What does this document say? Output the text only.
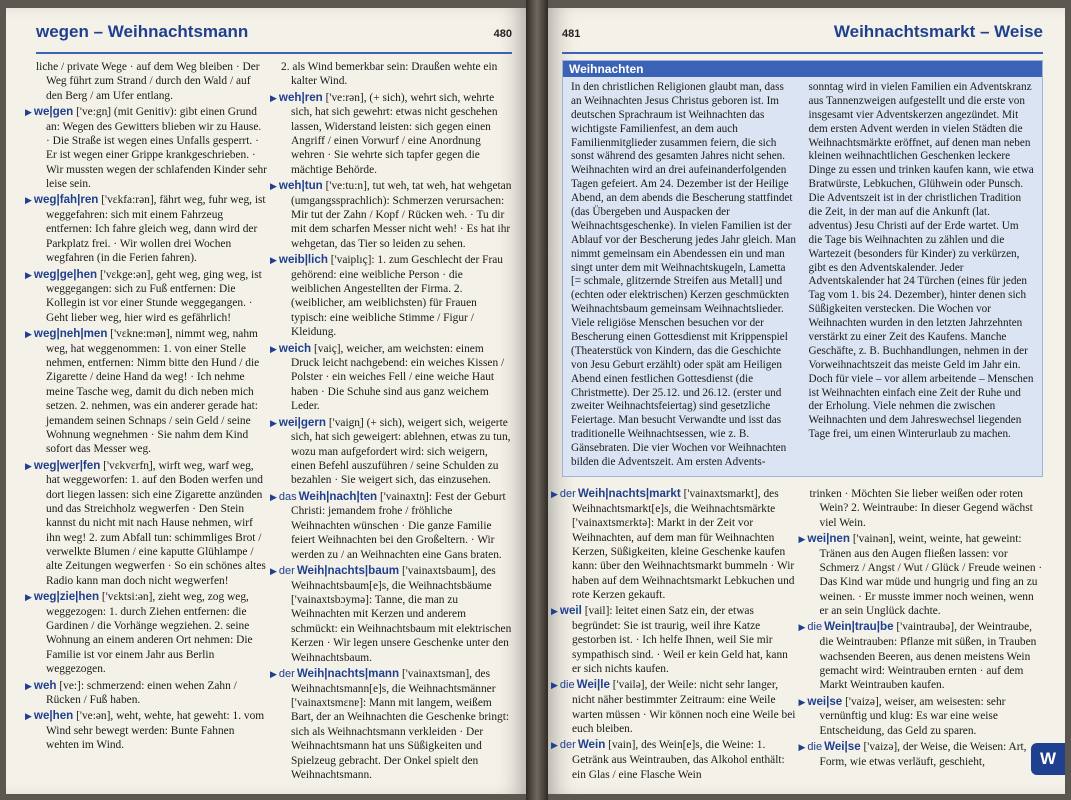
wegen – Weihnachtsmann	480
liche / private Wege · auf dem Weg bleiben · Der Weg führt zum Strand / durch den Wald / auf den Berg / am Ufer entlang.
▶ we|gen ['ve:gn̩] (mit Genitiv): gibt einen Grund an: Wegen des Gewitters blieben wir zu Hause. · Die Straße ist wegen eines Unfalls gesperrt. · Er ist wegen einer Grippe krankgeschrieben. · Wir mussten wegen der schlafenden Kinder sehr leise sein.
▶ weg|fah|ren ['vɛkfa:rən], fährt weg, fuhr weg, ist weggefahren: sich mit einem Fahrzeug entfernen: Ich fahre gleich weg, dann wird der Parkplatz frei. · Wir wollen drei Wochen wegfahren (in die Ferien fahren).
▶ weg|ge|hen ['vɛkge:ən], geht weg, ging weg, ist weggegangen: sich zu Fuß entfernen: Die Kollegin ist vor einer Stunde weggegangen. · Geht lieber weg, hier wird es gefährlich!
▶ weg|neh|men ['vɛkne:mən], nimmt weg, nahm weg, hat weggenommen: 1. von einer Stelle nehmen, entfernen: Nimm bitte den Hund / die Zigarette / deine Hand da weg! · Ich nehme meine Tasche weg, damit du dich neben mich setzen. 2. nehmen, was ein anderer gerade hat: jemandem seinen Schnaps / sein Geld / seine Wohnung wegnehmen · Sie nahm dem Kind sofort das Messer weg.
▶ weg|wer|fen ['vɛkvɛrfn̩], wirft weg, warf weg, hat weggeworfen: 1. auf den Boden werfen und dort liegen lassen: sich eine Zigarette anzünden und das Streichholz wegwerfen · Den Stein kannst du nicht mit nach Hause nehmen, wirf ihn weg! 2. zum Abfall tun: schimmliges Brot / verwelkte Blumen / eine kaputte Glühlampe / alte Zeitungen wegwerfen · So ein schönes altes Radio kann man doch nicht wegwerfen!
▶ weg|zie|hen ['vɛktsi:ən], zieht weg, zog weg, weggezogen: 1. durch Ziehen entfernen: die Gardinen / die Vorhänge wegziehen. 2. seine Wohnung an einem anderen Ort nehmen: Die Familie ist vor einem Jahr aus Berlin weggezogen.
▶ weh [ve:]: schmerzend: einen wehen Zahn / Rücken / Fuß haben.
▶ we|hen ['ve:ən], weht, wehte, hat geweht: 1. vom Wind sehr bewegt werden: Bunte Fahnen wehten im Wind.
2. als Wind bemerkbar sein: Draußen wehte ein kalter Wind.
▶ weh|ren ['ve:rən], (+ sich), wehrt sich, wehrte sich, hat sich gewehrt: etwas nicht geschehen lassen, Widerstand leisten: sich gegen einen Angriff / einen Vorwurf / eine Anordnung wehren · Sie wehrte sich tapfer gegen die mächtige Behörde.
▶ weh|tun ['ve:tu:n], tut weh, tat weh, hat wehgetan (umgangssprachlich): Schmerzen verursachen: Mir tut der Zahn / Kopf / Rücken weh. · Tu dir mit dem scharfen Messer nicht weh! · Es hat ihr wehgetan, das Tier so leiden zu sehen.
▶ weib|lich ['vaiplıç]: 1. zum Geschlecht der Frau gehörend: eine weibliche Person · die weiblichen Angestellten der Firma. 2. (weiblicher, am weiblichsten) für Frauen typisch: eine weibliche Stimme / Figur / Kleidung.
▶ weich [vaiç], weicher, am weichsten: einem Druck leicht nachgebend: ein weiches Kissen / Polster · ein weiches Fell / eine weiche Haut haben · Die Schuhe sind aus ganz weichem Leder.
▶ wei|gern ['vaign̩] (+ sich), weigert sich, weigerte sich, hat sich geweigert: ablehnen, etwas zu tun, wozu man aufgefordert wird: sich weigern, einen Befehl auszuführen / seine Schulden zu bezahlen · Sie weigert sich, das einzusehen.
▶ das Weih|nach|ten ['vainaxtn̩]: Fest der Geburt Christi: jemandem frohe / fröhliche Weihnachten wünschen · Die ganze Familie feiert Weihnachten bei den Großeltern. · Wir werden zu / an Weihnachten eine Gans braten.
▶ der Weih|nachts|baum ['vainaxtsbaum], des Weihnachtsbaum[e]s, die Weihnachtsbäume ['vainaxtsbɔymə]: Tanne, die man zu Weihnachten mit Kerzen und anderem schmückt: ein Weihnachtsbaum mit elektrischen Kerzen · Wir legen unsere Geschenke unter den Weihnachtsbaum.
▶ der Weih|nachts|mann ['vainaxtsman], des Weihnachtsmann[e]s, die Weihnachtsmänner ['vainaxtsmɛnɐ]: Mann mit langem, weißem Bart, der an Weihnachten die Geschenke bringt: sich als Weihnachtsmann verkleiden · Der Weihnachtsmann hat uns Süßigkeiten und Spielzeug gebracht. Der Onkel spielt den Weihnachtsmann.
481	Weihnachtsmarkt – Weise
Weihnachten

In den christlichen Religionen glaubt man, dass an Weihnachten Jesus Christus geboren ist. Im deutschen Sprachraum ist Weihnachten das wichtigste Familienfest, an dem auch Familienmitglieder zusammen feiern, die sich sonst während des gesamten Jahres nicht sehen. Weihnachten wird an drei aufeinanderfolgenden Tagen gefeiert. Am 24. Dezember ist der Heilige Abend, an dem abends die Bescherung stattfindet (das Übergeben und Auspacken der Weihnachtsgeschenke). In vielen Familien ist der Ablauf vor der Bescherung jedes Jahr gleich. Man nimmt gemeinsam ein Abendessen ein und man singt unter dem mit Weihnachtskugeln, Lametta [= schmale, glitzernde Streifen aus Metall] und (echten oder elektrischen) Kerzen geschmückten Weihnachtsbaum gemeinsam Weihnachtslieder. Viele religiöse Menschen besuchen vor der Bescherung einen Gottesdienst mit Krippenspiel (Theaterstück von Kindern, das die Geschichte von Jesu Geburt erzählt) oder spät am Heiligen Abend einen festlichen Gottesdienst (die Christmette). Der 25.12. und 26.12. (erster und zweiter Weihnachtsfeiertag) sind gesetzliche Feiertage. Man besucht Verwandte und isst das traditionelle Weihnachtsessen, wie z. B. Gänsebraten. Die vier Wochen vor Weihnachten bilden die Adventszeit. Am ersten Advents-

sonntag wird in vielen Familien ein Adventskranz aus Tannenzweigen aufgestellt und die erste von insgesamt vier Adventskerzen angezündet. Mit dem ersten Advent werden in vielen Städten die Weihnachtsmärkte eröffnet, auf denen man neben kleinen weihnachtlichen Geschenken leckere Dinge zu essen und trinken kaufen kann, wie etwa Bratwürste, Lebkuchen, Glühwein oder Punsch. Die Adventszeit ist in der christlichen Tradition die Zeit, in der man auf die Ankunft (lat. adventus) Jesu Christi auf der Erde wartet. Um die Tage bis Weihnachten zu zählen und die Wartezeit (besonders für Kinder) zu verkürzen, gibt es den Adventskalender. Jeder Adventskalender hat 24 Türchen (eines für jeden Tag vom 1. bis 24. Dezember), hinter denen sich Süßigkeiten verstecken. Die Wochen vor Weihnachten wurden in den letzten Jahrzehnten verstärkt zu einer Zeit des Kaufens. Manche Geschäfte, z. B. Buchhandlungen, nehmen in der Vorweihnachtszeit das meiste Geld im Jahr ein. Doch für viele – vor allem arbeitende – Menschen ist Weihnachten einfach eine Zeit der Ruhe und der Erholung. Viele nehmen die zwischen Weihnachten und dem Jahreswechsel liegenden Tage frei, um einen Winterurlaub zu machen.

▶ der Weih|nachts|markt ['vainaxtsmarkt], des Weihnachtsmarkt[e]s, die Weihnachtsmärkte ['vainaxtsmɛrktə]: Markt in der Zeit vor Weihnachten, auf dem man für Weihnachten Kerzen, Süßigkeiten, kleine Geschenke kaufen kann: über den Weihnachtsmarkt bummeln · Wir haben auf dem Weihnachtsmarkt Lebkuchen und rote Kerzen gekauft.
▶ weil [vail]: leitet einen Satz ein, der etwas begründet: Sie ist traurig, weil ihre Katze gestorben ist. · Ich helfe Ihnen, weil Sie mir sympathisch sind. · Weil er kein Geld hat, kann er sich nichts kaufen.
▶ die Wei|le ['vailə], der Weile: nicht sehr langer, nicht näher bestimmter Zeitraum: eine Weile warten müssen · Wir können noch eine Weile bei euch bleiben.
▶ der Wein [vain], des Wein[e]s, die Weine: 1. Getränk aus Weintrauben, das Alkohol enthält: ein Glas / eine Flasche Wein
trinken · Möchten Sie lieber weißen oder roten Wein? 2. Weintraube: In dieser Gegend wächst viel Wein.
▶ wei|nen ['vainən], weint, weinte, hat geweint: Tränen aus den Augen fließen lassen: vor Schmerz / Angst / Wut / Glück / Freude weinen · Das Kind war müde und hungrig und fing an zu weinen. · Er musste immer noch weinen, wenn er an sein Unglück dachte.
▶ die Wein|trau|be ['vaintraubə], der Weintraube, die Weintrauben: Pflanze mit süßen, in Trauben wachsenden Beeren, aus denen meistens Wein gemacht wird: Weintrauben ernten · auf dem Markt Weintrauben kaufen.
▶ wei|se ['vaizə], weiser, am weisesten: sehr vernünftig und klug: Es war eine weise Entscheidung, das Geld zu sparen.
▶ die Wei|se ['vaizə], der Weise, die Weisen: Art, Form, wie etwas verläuft, geschieht,	W
